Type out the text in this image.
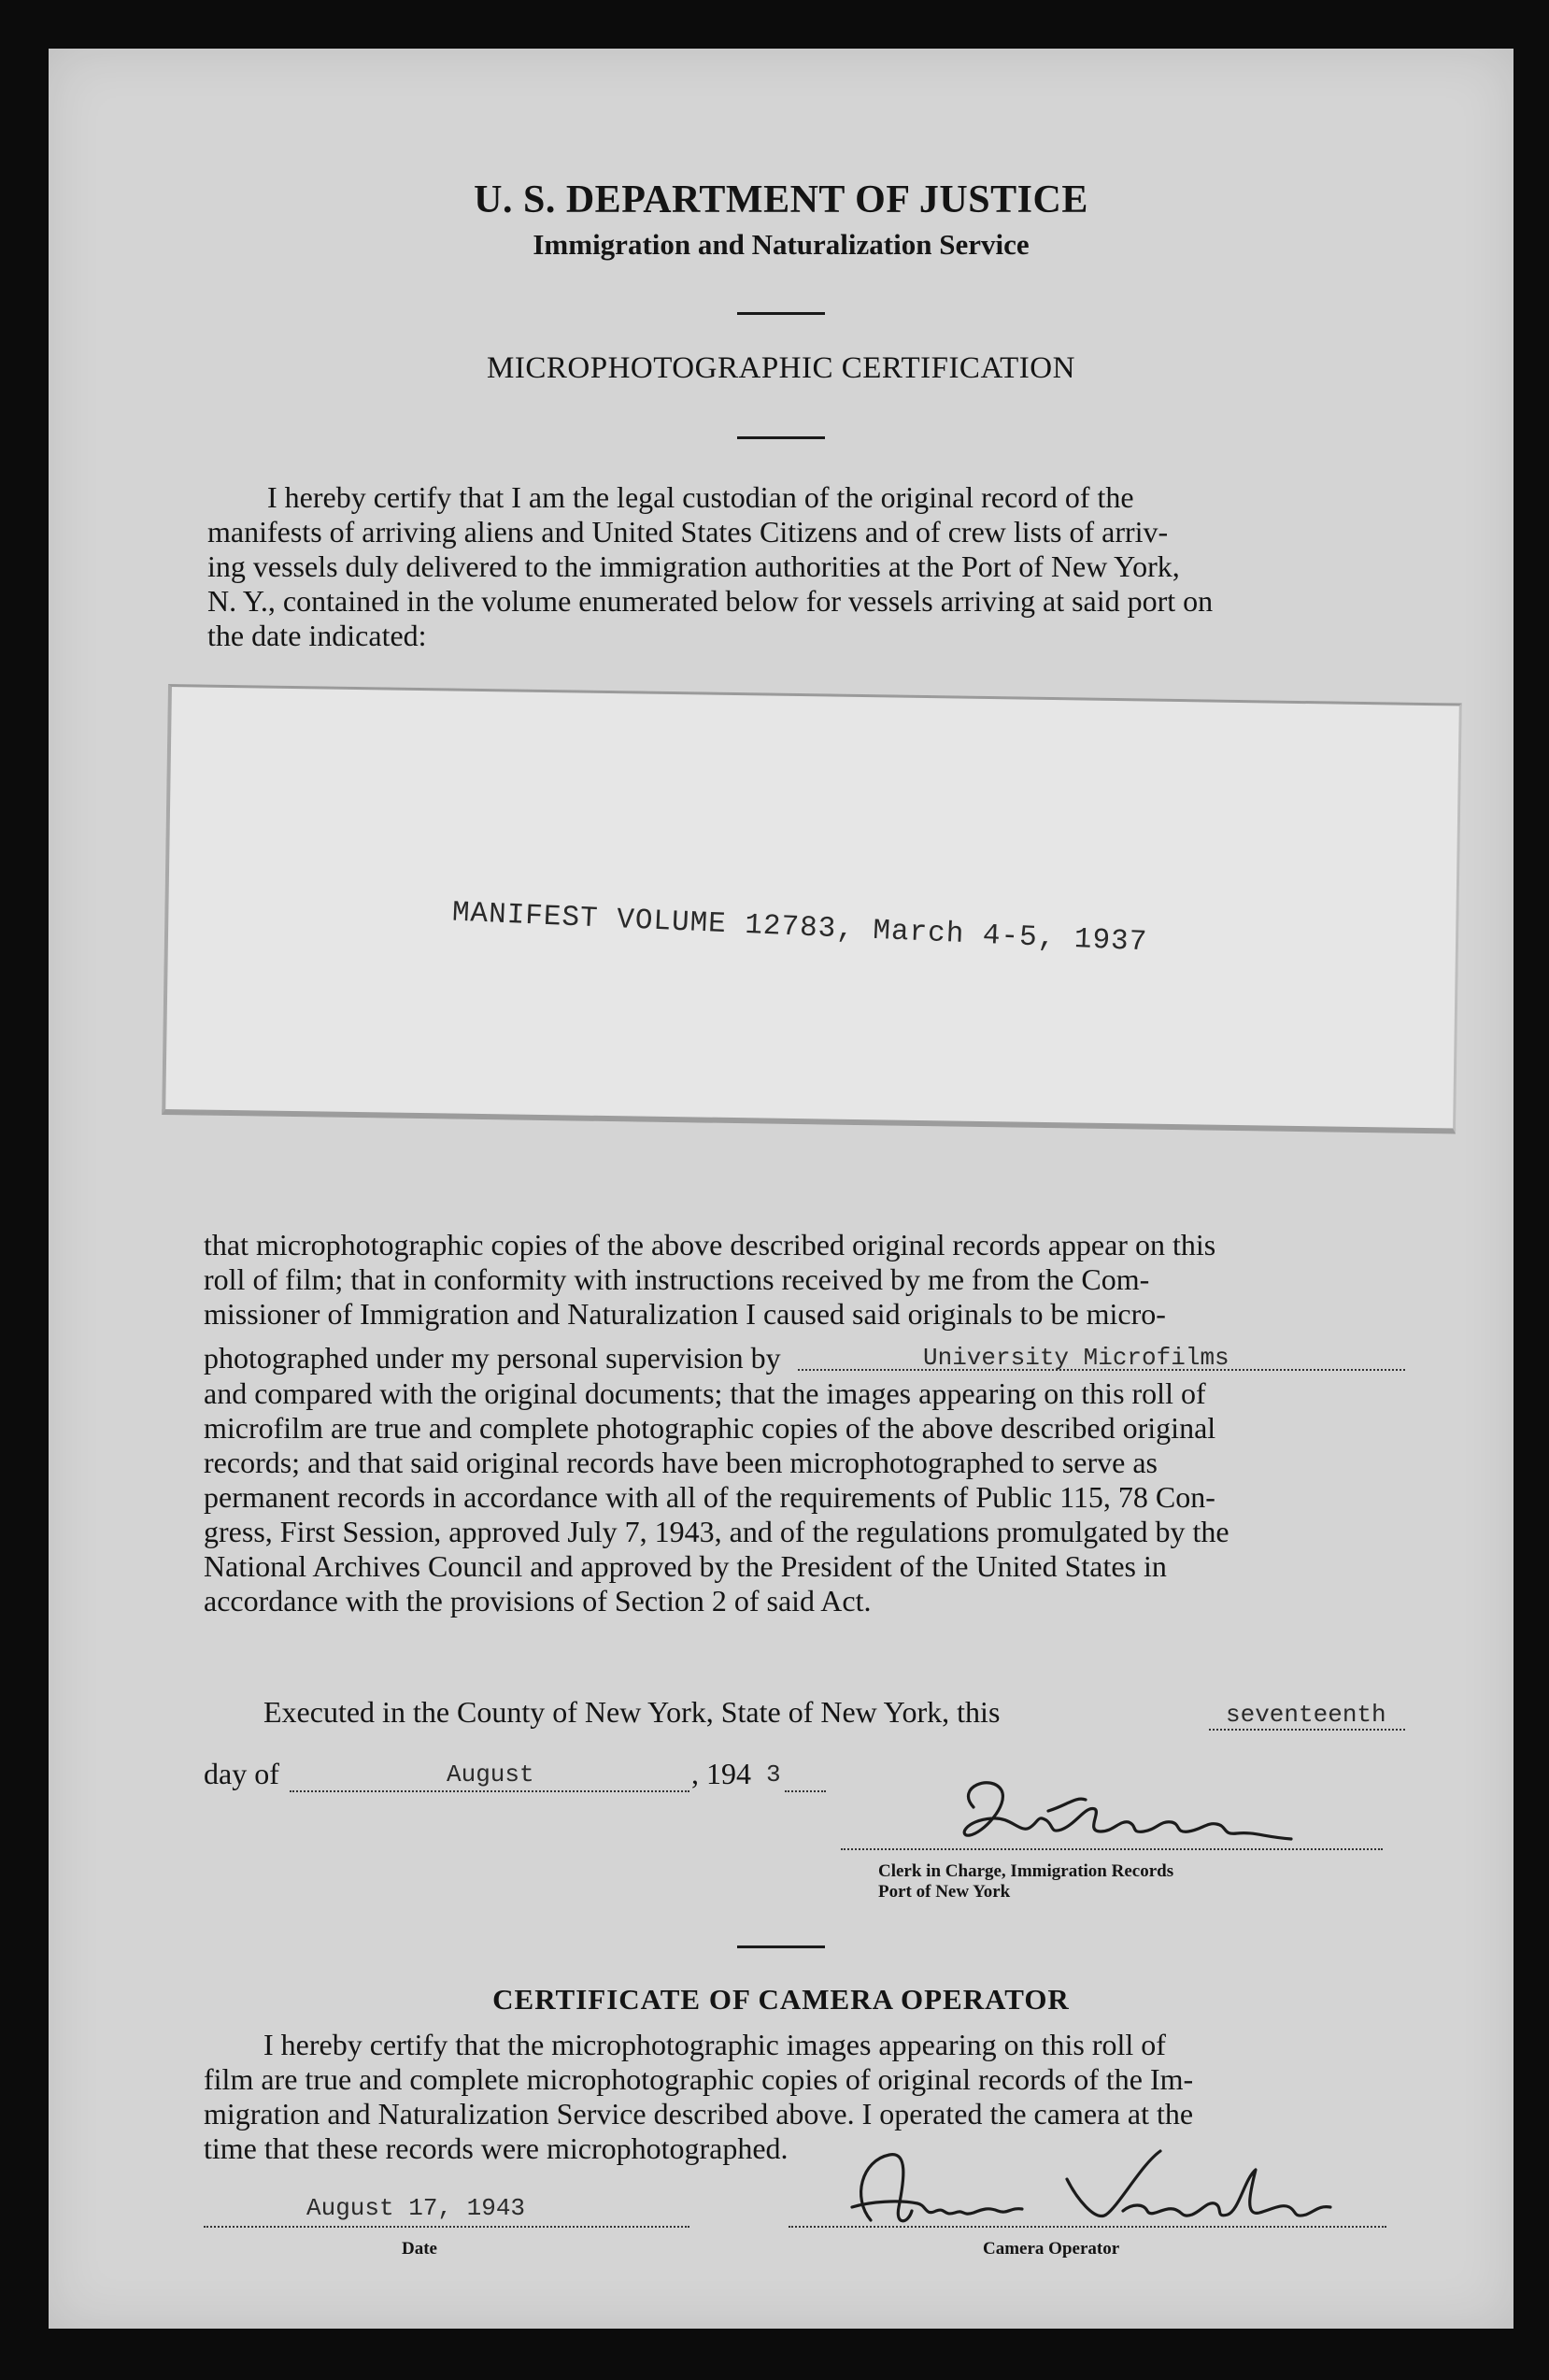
U. S. DEPARTMENT OF JUSTICE
Immigration and Naturalization Service
MICROPHOTOGRAPHIC CERTIFICATION
I hereby certify that I am the legal custodian of the original record of the
manifests of arriving aliens and United States Citizens and of crew lists of arriv-
ing vessels duly delivered to the immigration authorities at the Port of New York,
N. Y., contained in the volume enumerated below for vessels arriving at said port on
the date indicated:
MANIFEST VOLUME 12783, March 4-5, 1937
that microphotographic copies of the above described original records appear on this
roll of film; that in conformity with instructions received by me from the Com-
missioner of Immigration and Naturalization I caused said originals to be micro-
photographed under my personal supervision by	University Microfilms
and compared with the original documents; that the images appearing on this roll of
microfilm are true and complete photographic copies of the above described original
records; and that said original records have been microphotographed to serve as
permanent records in accordance with all of the requirements of Public 115, 78 Con-
gress, First Session, approved July 7, 1943, and of the regulations promulgated by the
National Archives Council and approved by the President of the United States in
accordance with the provisions of Section 2 of said Act.
Executed in the County of New York, State of New York, this	seventeenth
day of	August	, 194 3
Clerk in Charge, Immigration Records
Port of New York
CERTIFICATE OF CAMERA OPERATOR
I hereby certify that the microphotographic images appearing on this roll of
film are true and complete microphotographic copies of original records of the Im-
migration and Naturalization Service described above. I operated the camera at the
time that these records were microphotographed.
August 17, 1943
Date	Camera Operator
